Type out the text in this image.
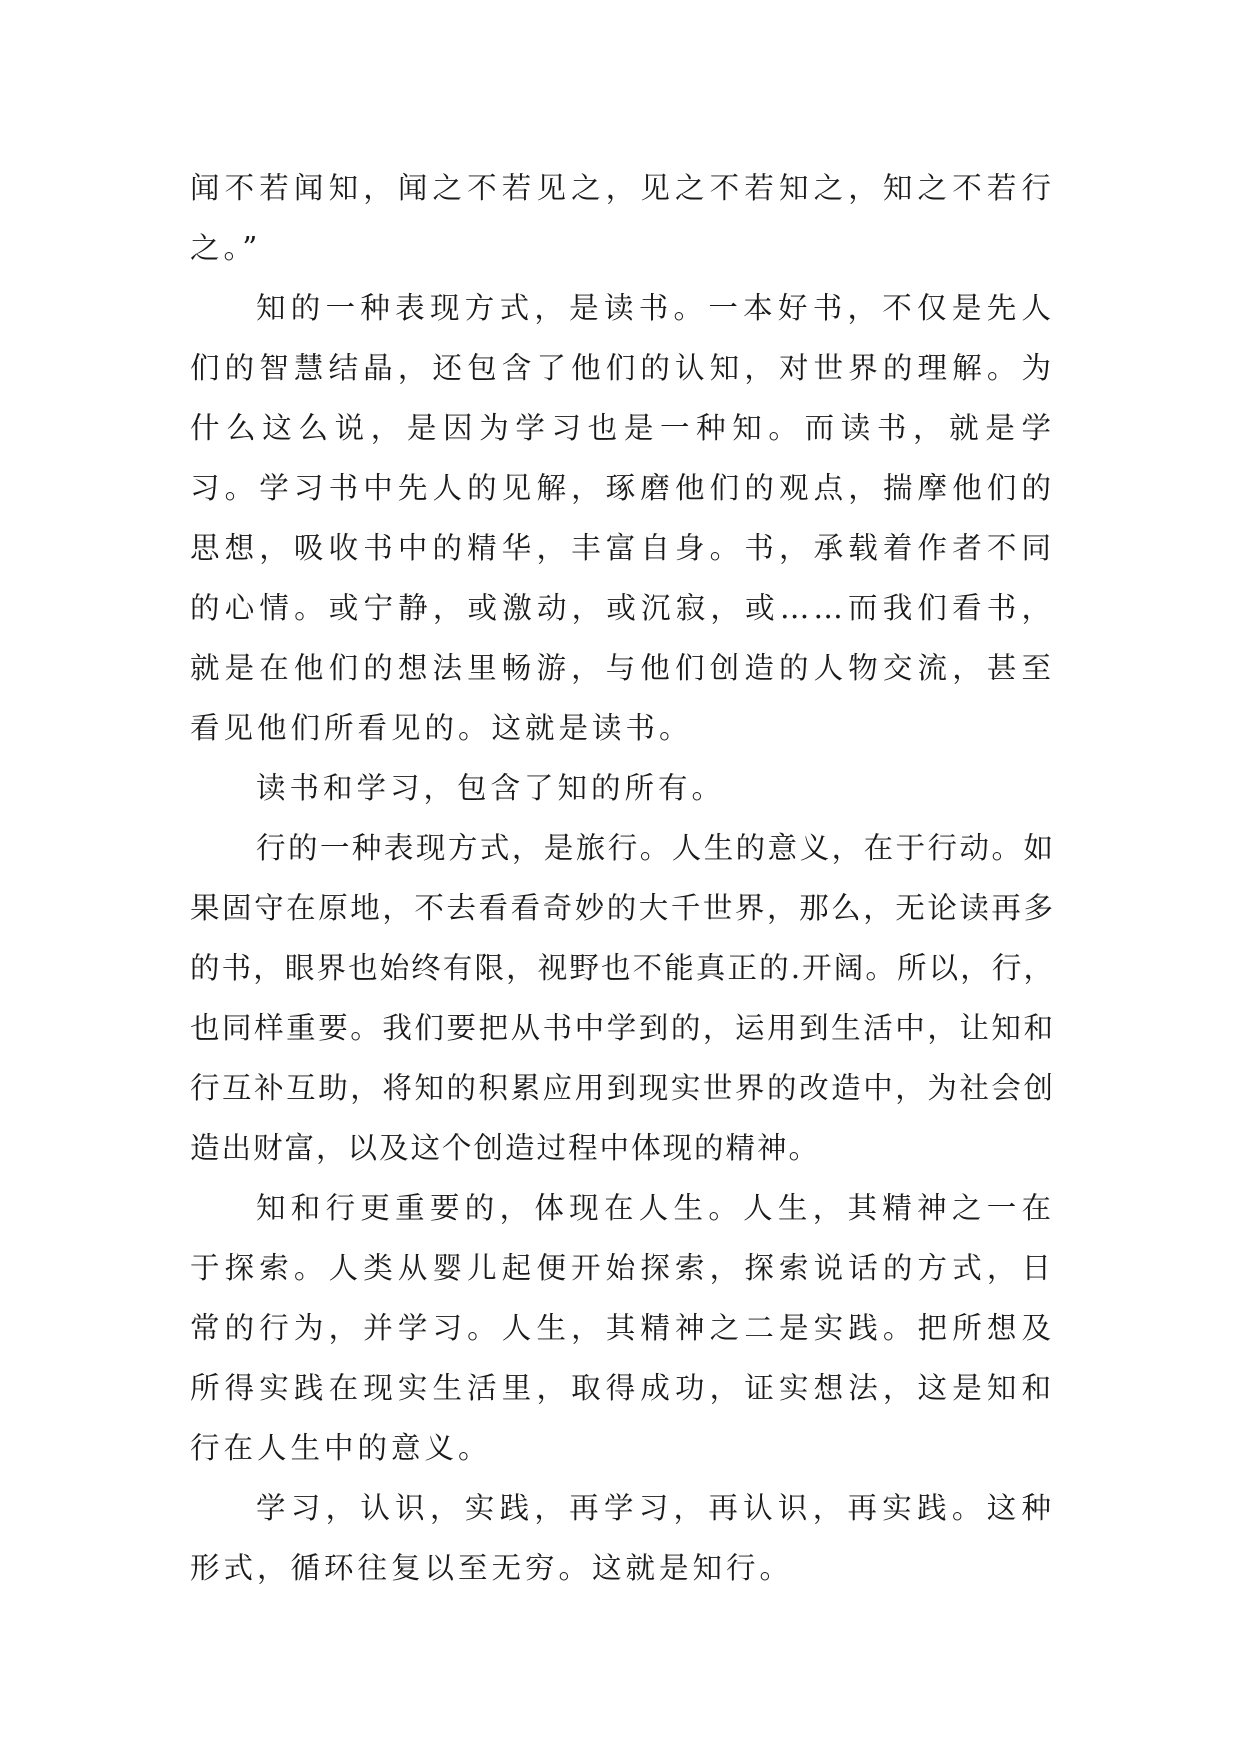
闻不若闻知，闻之不若见之，见之不若知之，知之不若行之。”

知的一种表现方式，是读书。一本好书，不仅是先人们的智慧结晶，还包含了他们的认知，对世界的理解。为什么这么说，是因为学习也是一种知。而读书，就是学习。学习书中先人的见解，琢磨他们的观点，揣摩他们的思想，吸收书中的精华，丰富自身。书，承载着作者不同的心情。或宁静，或激动，或沉寂，或……而我们看书，就是在他们的想法里畅游，与他们创造的人物交流，甚至看见他们所看见的。这就是读书。

读书和学习，包含了知的所有。

行的一种表现方式，是旅行。人生的意义，在于行动。如果固守在原地，不去看看奇妙的大千世界，那么，无论读再多的书，眼界也始终有限，视野也不能真正的.开阔。所以，行，也同样重要。我们要把从书中学到的，运用到生活中，让知和行互补互助，将知的积累应用到现实世界的改造中，为社会创造出财富，以及这个创造过程中体现的精神。

知和行更重要的，体现在人生。人生，其精神之一在于探索。人类从婴儿起便开始探索，探索说话的方式，日常的行为，并学习。人生，其精神之二是实践。把所想及所得实践在现实生活里，取得成功，证实想法，这是知和行在人生中的意义。

学习，认识，实践，再学习，再认识，再实践。这种形式，循环往复以至无穷。这就是知行。
